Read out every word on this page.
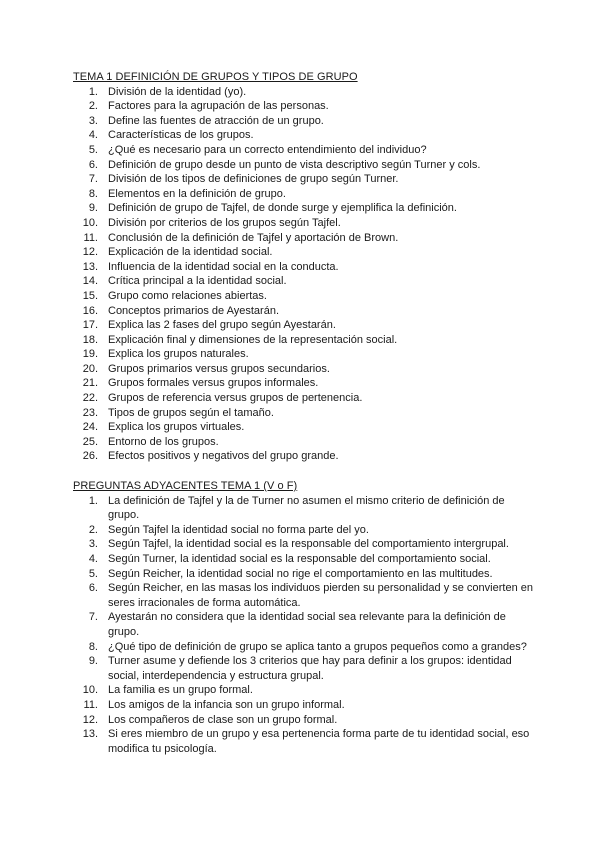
TEMA 1 DEFINICIÓN DE GRUPOS Y TIPOS DE GRUPO
1. División de la identidad (yo).
2. Factores para la agrupación de las personas.
3. Define las fuentes de atracción de un grupo.
4. Características de los grupos.
5. ¿Qué es necesario para un correcto entendimiento del individuo?
6. Definición de grupo desde un punto de vista descriptivo según Turner y cols.
7. División de los tipos de definiciones de grupo según Turner.
8. Elementos en la definición de grupo.
9. Definición de grupo de Tajfel, de donde surge y ejemplifica la definición.
10. División por criterios de los grupos según Tajfel.
11. Conclusión de la definición de Tajfel y aportación de Brown.
12. Explicación de la identidad social.
13. Influencia de la identidad social en la conducta.
14. Crítica principal a la identidad social.
15. Grupo como relaciones abiertas.
16. Conceptos primarios de Ayestarán.
17. Explica las 2 fases del grupo según Ayestarán.
18. Explicación final y dimensiones de la representación social.
19. Explica los grupos naturales.
20. Grupos primarios versus grupos secundarios.
21. Grupos formales versus grupos informales.
22. Grupos de referencia versus grupos de pertenencia.
23. Tipos de grupos según el tamaño.
24. Explica los grupos virtuales.
25. Entorno de los grupos.
26. Efectos positivos y negativos del grupo grande.
PREGUNTAS ADYACENTES TEMA 1 (V o F)
1. La definición de Tajfel y la de Turner no asumen el mismo criterio de definición de grupo.
2. Según Tajfel la identidad social no forma parte del yo.
3. Según Tajfel, la identidad social es la responsable del comportamiento intergrupal.
4. Según Turner, la identidad social es la responsable del comportamiento social.
5. Según Reicher, la identidad social no rige el comportamiento en las multitudes.
6. Según Reicher, en las masas los individuos pierden su personalidad y se convierten en seres irracionales de forma automática.
7. Ayestarán no considera que la identidad social sea relevante para la definición de grupo.
8. ¿Qué tipo de definición de grupo se aplica tanto a grupos pequeños como a grandes?
9. Turner asume y defiende los 3 criterios que hay para definir a los grupos: identidad social, interdependencia y estructura grupal.
10. La familia es un grupo formal.
11. Los amigos de la infancia son un grupo informal.
12. Los compañeros de clase son un grupo formal.
13. Si eres miembro de un grupo y esa pertenencia forma parte de tu identidad social, eso modifica tu psicología.
